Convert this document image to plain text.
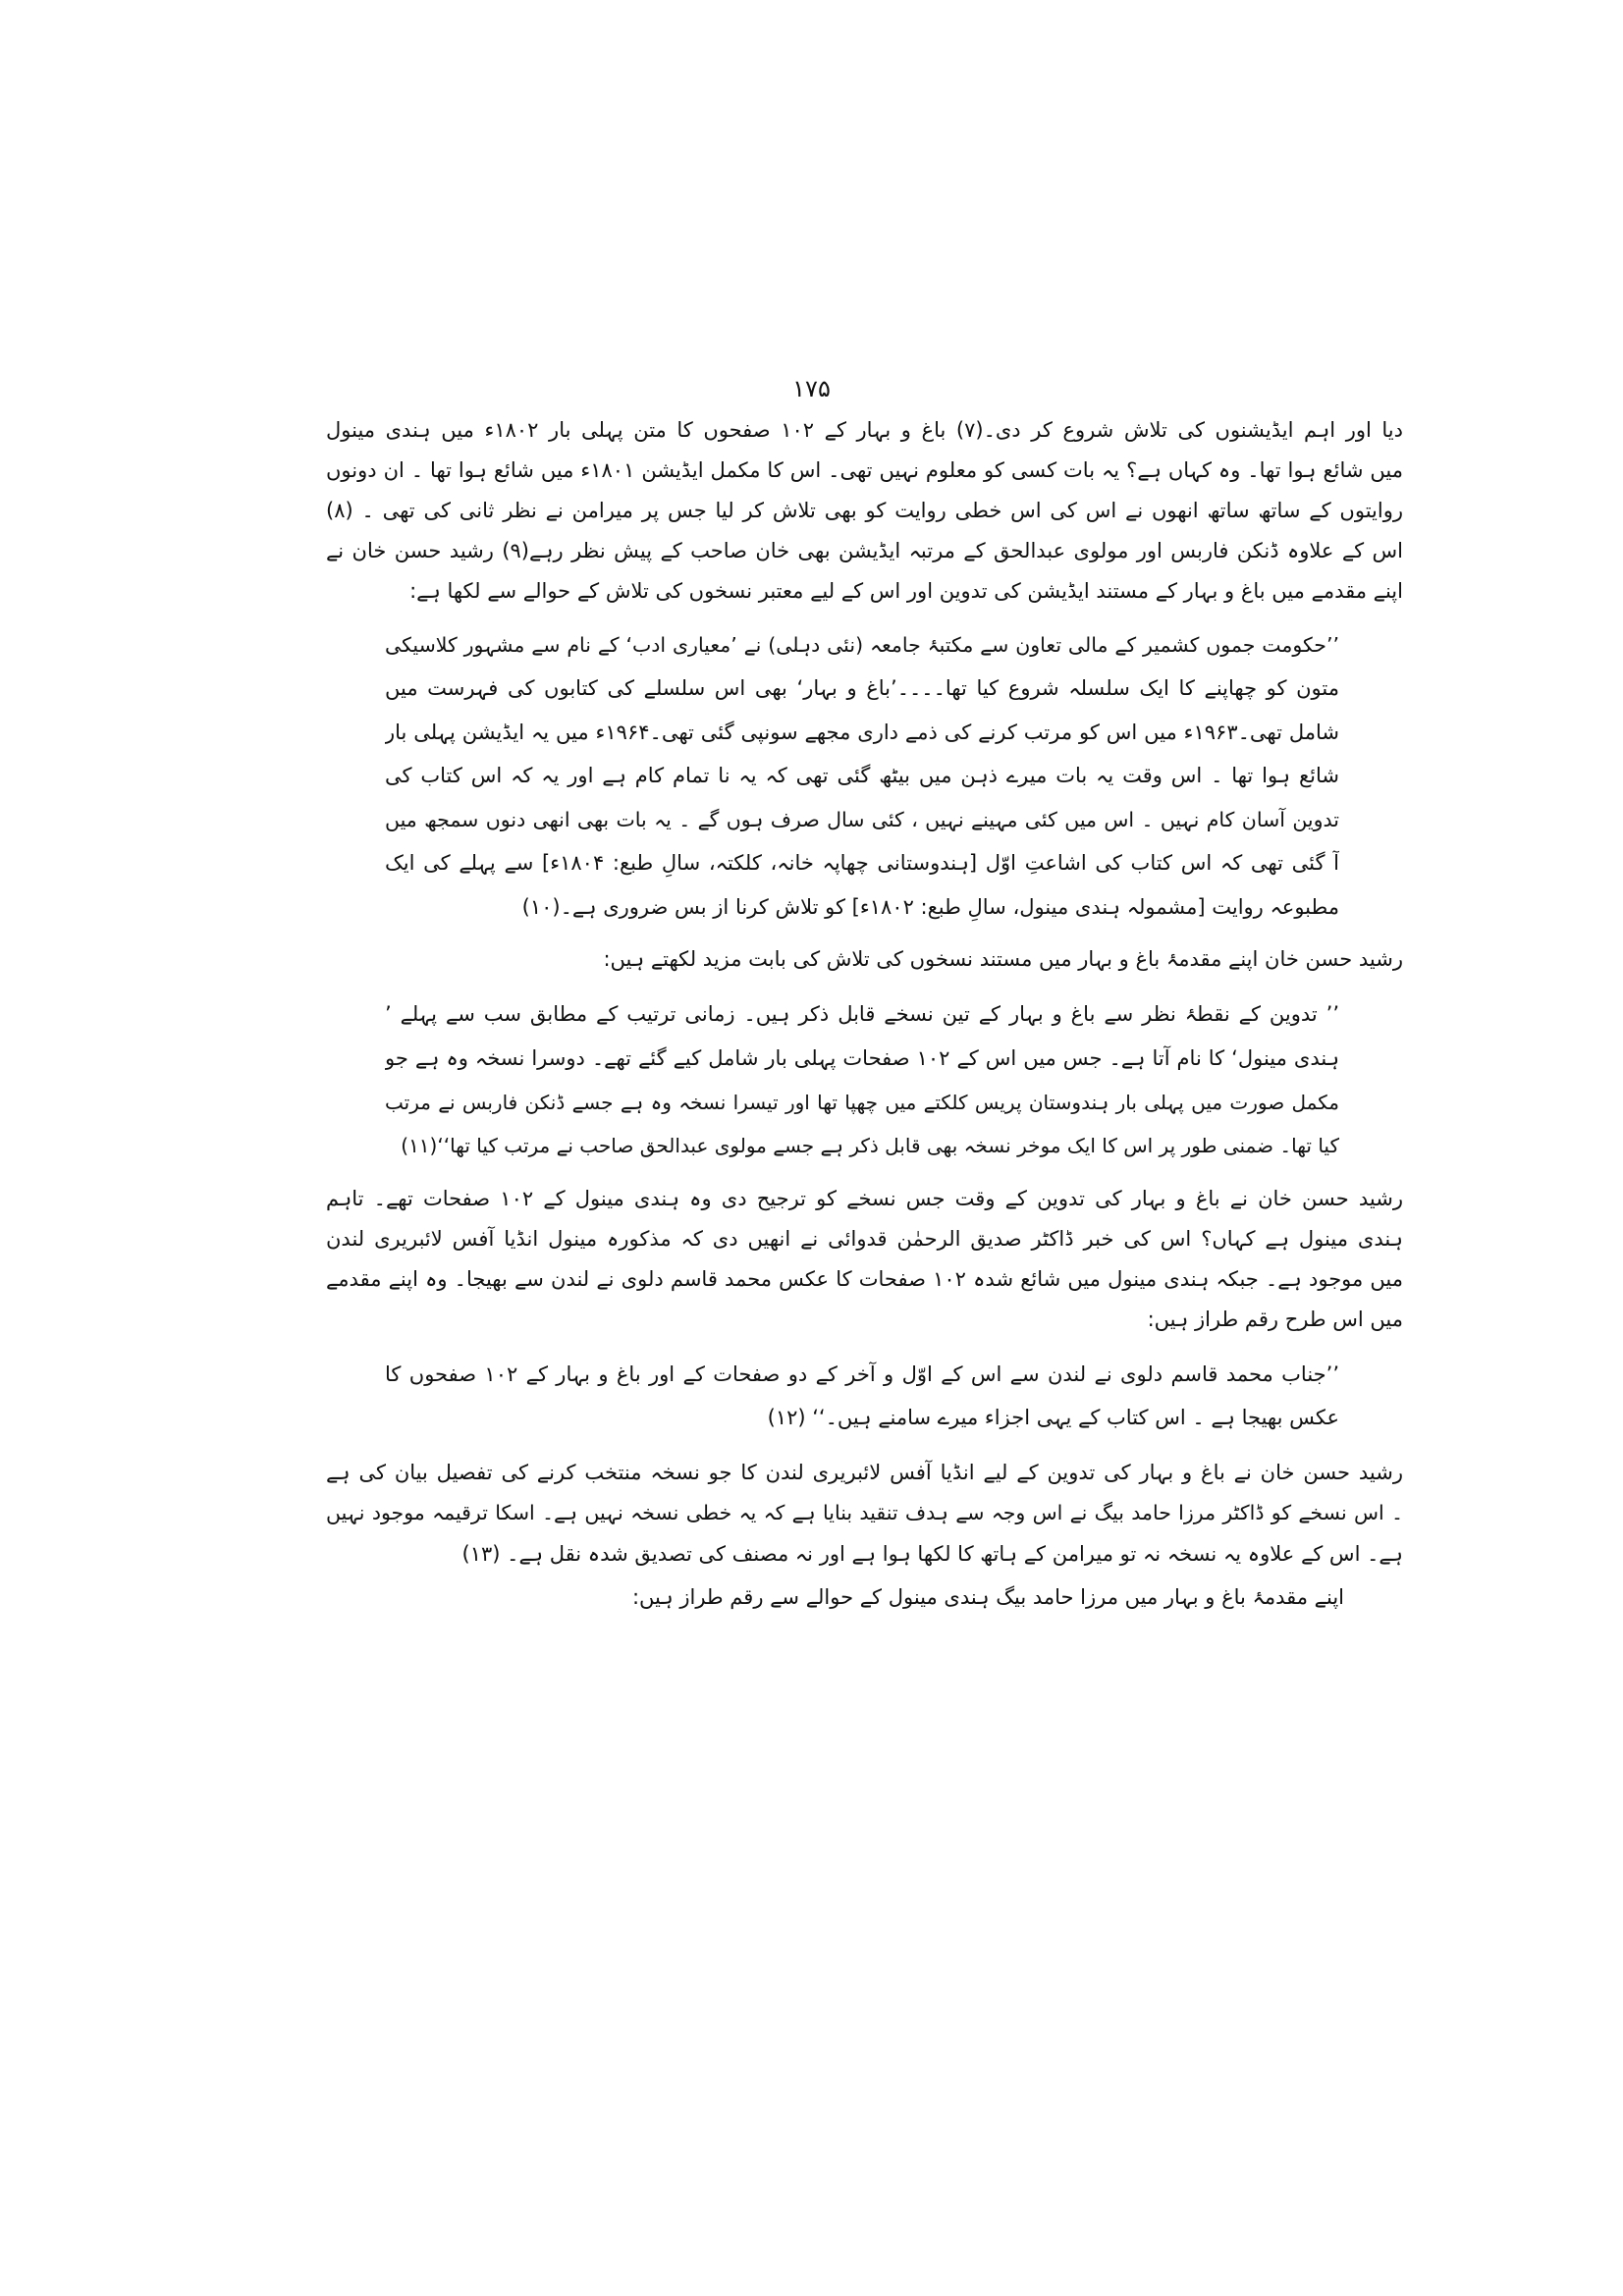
۱۷۵
دیا اور اہم ایڈیشنوں کی تلاش شروع کر دی۔(۷) باغ و بہار کے ۱۰۲ صفحوں کا متن پہلی بار ۱۸۰۲ء میں ہندی مینول
میں شائع ہوا تھا۔ وہ کہاں ہے؟ یہ بات کسی کو معلوم نہیں تھی۔ اس کا مکمل ایڈیشن ۱۸۰۱ء میں شائع ہوا تھا ۔ ان دونوں
روایتوں کے ساتھ ساتھ انھوں نے اس کی اس خطی روایت کو بھی تلاش کر لیا جس پر میرامن نے نظر ثانی کی تھی ۔ (۸)
اس کے علاوہ ڈنکن فاربس اور مولوی عبدالحق کے مرتبہ ایڈیشن بھی خان صاحب کے پیش نظر رہے(۹) رشید حسن خان نے
اپنے مقدمے میں باغ و بہار کے مستند ایڈیشن کی تدوین اور اس کے لیے معتبر نسخوں کی تلاش کے حوالے سے لکھا ہے:
’’حکومت جموں کشمیر کے مالی تعاون سے مکتبۂ جامعہ (نئی دہلی) نے ’معیاری ادب‘ کے نام سے مشہور کلاسیکی
متون کو چھاپنے کا ایک سلسلہ شروع کیا تھا۔۔۔۔’باغ و بہار‘ بھی اس سلسلے کی کتابوں کی فہرست میں
شامل تھی۔۱۹۶۳ء میں اس کو مرتب کرنے کی ذمے داری مجھے سونپی گئی تھی۔۱۹۶۴ء میں یہ ایڈیشن پہلی بار
شائع ہوا تھا ۔ اس وقت یہ بات میرے ذہن میں بیٹھ گئی تھی کہ یہ نا تمام کام ہے اور یہ کہ اس کتاب کی
تدوین آسان کام نہیں ۔ اس میں کئی مہینے نہیں ، کئی سال صرف ہوں گے ۔ یہ بات بھی انھی دنوں سمجھ میں
آ گئی تھی کہ اس کتاب کی اشاعتِ اوّل [ہندوستانی چھاپہ خانہ، کلکتہ، سالِ طبع: ۱۸۰۴ء] سے پہلے کی ایک
مطبوعہ روایت [مشمولہ ہندی مینول، سالِ طبع: ۱۸۰۲ء] کو تلاش کرنا از بس ضروری ہے۔(۱۰)
رشید حسن خان اپنے مقدمۂ باغ و بہار میں مستند نسخوں کی تلاش کی بابت مزید لکھتے ہیں:
’’ تدوین کے نقطۂ نظر سے باغ و بہار کے تین نسخے قابل ذکر ہیں۔ زمانی ترتیب کے مطابق سب سے پہلے ’
ہندی مینول‘ کا نام آتا ہے۔ جس میں اس کے ۱۰۲ صفحات پہلی بار شامل کیے گئے تھے۔ دوسرا نسخہ وہ ہے جو
مکمل صورت میں پہلی بار ہندوستان پریس کلکتے میں چھپا تھا اور تیسرا نسخہ وہ ہے جسے ڈنکن فاربس نے مرتب
کیا تھا۔ ضمنی طور پر اس کا ایک موخر نسخہ بھی قابل ذکر ہے جسے مولوی عبدالحق صاحب نے مرتب کیا تھا‘‘(۱۱)
رشید حسن خان نے باغ و بہار کی تدوین کے وقت جس نسخے کو ترجیح دی وہ ہندی مینول کے ۱۰۲ صفحات تھے۔ تاہم
ہندی مینول ہے کہاں؟ اس کی خبر ڈاکٹر صدیق الرحمٰن قدوائی نے انھیں دی کہ مذکورہ مینول انڈیا آفس لائبریری لندن
میں موجود ہے۔ جبکہ ہندی مینول میں شائع شدہ ۱۰۲ صفحات کا عکس محمد قاسم دلوی نے لندن سے بھیجا۔ وہ اپنے مقدمے
میں اس طرح رقم طراز ہیں:
’’جناب محمد قاسم دلوی نے لندن سے اس کے اوّل و آخر کے دو صفحات کے اور باغ و بہار کے ۱۰۲ صفحوں کا
عکس بھیجا ہے ۔ اس کتاب کے یہی اجزاء میرے سامنے ہیں۔‘‘ (۱۲)
رشید حسن خان نے باغ و بہار کی تدوین کے لیے انڈیا آفس لائبریری لندن کا جو نسخہ منتخب کرنے کی تفصیل بیان کی ہے
۔ اس نسخے کو ڈاکٹر مرزا حامد بیگ نے اس وجہ سے ہدف تنقید بنایا ہے کہ یہ خطی نسخہ نہیں ہے۔ اسکا ترقیمہ موجود نہیں
ہے۔ اس کے علاوہ یہ نسخہ نہ تو میرامن کے ہاتھ کا لکھا ہوا ہے اور نہ مصنف کی تصدیق شدہ نقل ہے۔ (۱۳)
اپنے مقدمۂ باغ و بہار میں مرزا حامد بیگ ہندی مینول کے حوالے سے رقم طراز ہیں:
